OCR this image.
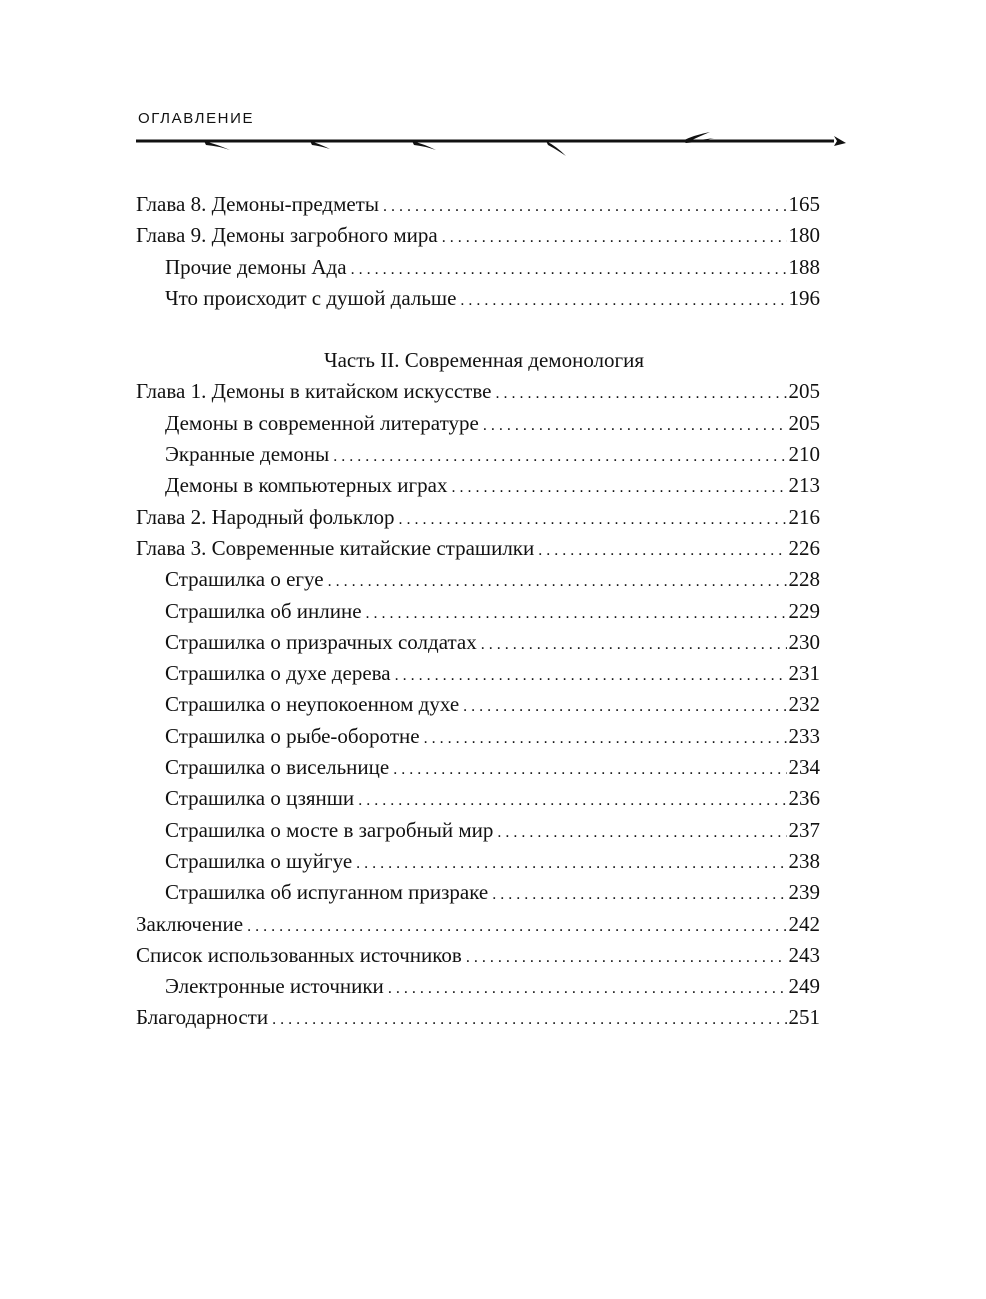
ОГЛАВЛЕНИЕ
Глава 8. Демоны-предметы . . .	165
Глава 9. Демоны загробного мира . . .	180
Прочие демоны Ада . . .	188
Что происходит с душой дальше . . .	196
Часть II. Современная демонология
Глава 1. Демоны в китайском искусстве . . .	205
Демоны в современной литературе . . .	205
Экранные демоны . . .	210
Демоны в компьютерных играх . . .	213
Глава 2. Народный фольклор . . .	216
Глава 3. Современные китайские страшилки . . .	226
Страшилка о егуе . . .	228
Страшилка об инлине . . .	229
Страшилка о призрачных солдатах . . .	230
Страшилка о духе дерева . . .	231
Страшилка о неупокоенном духе . . .	232
Страшилка о рыбе-оборотне . . .	233
Страшилка о висельнице . . .	234
Страшилка о цзянши . . .	236
Страшилка о мосте в загробный мир . . .	237
Страшилка о шуйгуе . . .	238
Страшилка об испуганном призраке . . .	239
Заключение . . .	242
Список использованных источников . . .	243
Электронные источники . . .	249
Благодарности . . .	251
